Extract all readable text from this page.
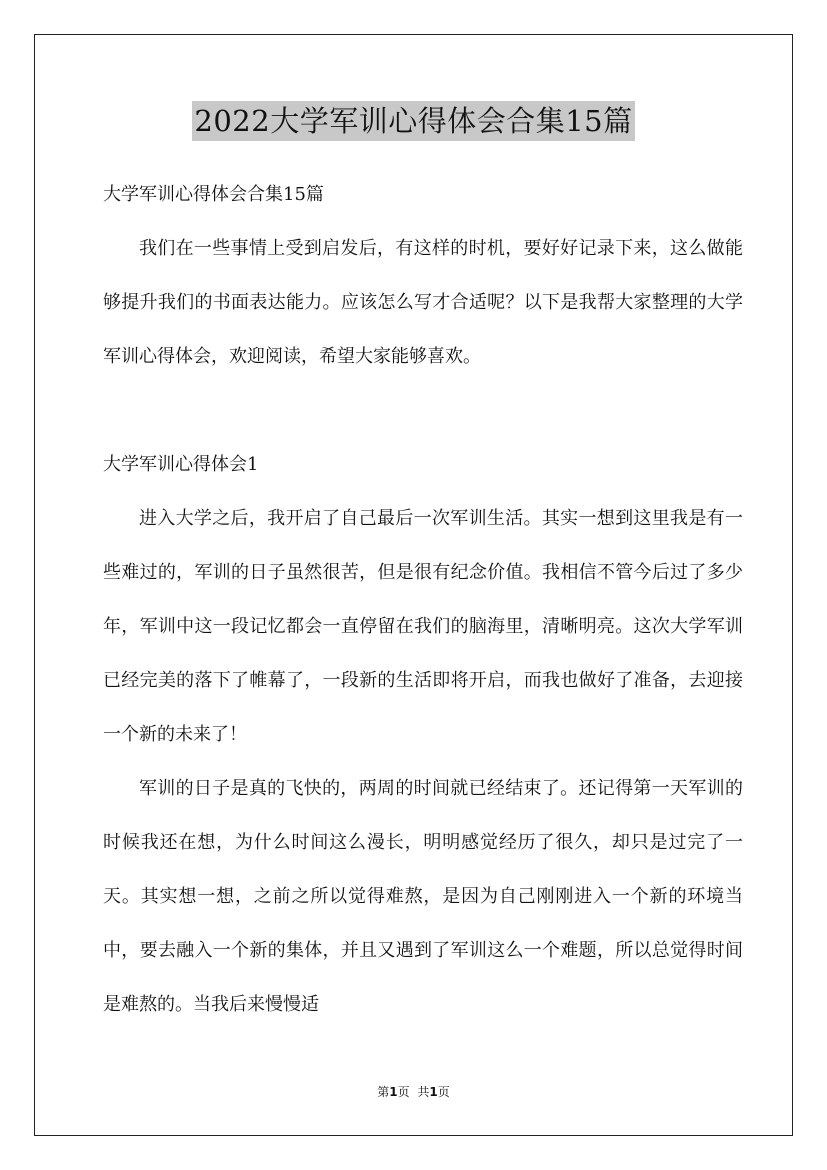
2022大学军训心得体会合集15篇

大学军训心得体会合集15篇

我们在一些事情上受到启发后，有这样的时机，要好好记录下来，这么做能够提升我们的书面表达能力。应该怎么写才合适呢？以下是我帮大家整理的大学军训心得体会，欢迎阅读，希望大家能够喜欢。

大学军训心得体会1

进入大学之后，我开启了自己最后一次军训生活。其实一想到这里我是有一些难过的，军训的日子虽然很苦，但是很有纪念价值。我相信不管今后过了多少年，军训中这一段记忆都会一直停留在我们的脑海里，清晰明亮。这次大学军训已经完美的落下了帷幕了，一段新的生活即将开启，而我也做好了准备，去迎接一个新的未来了！

军训的日子是真的飞快的，两周的时间就已经结束了。还记得第一天军训的时候我还在想，为什么时间这么漫长，明明感觉经历了很久，却只是过完了一天。其实想一想，之前之所以觉得难熬，是因为自己刚刚进入一个新的环境当中，要去融入一个新的集体，并且又遇到了军训这么一个难题，所以总觉得时间是难熬的。当我后来慢慢适

第1页 共1页
